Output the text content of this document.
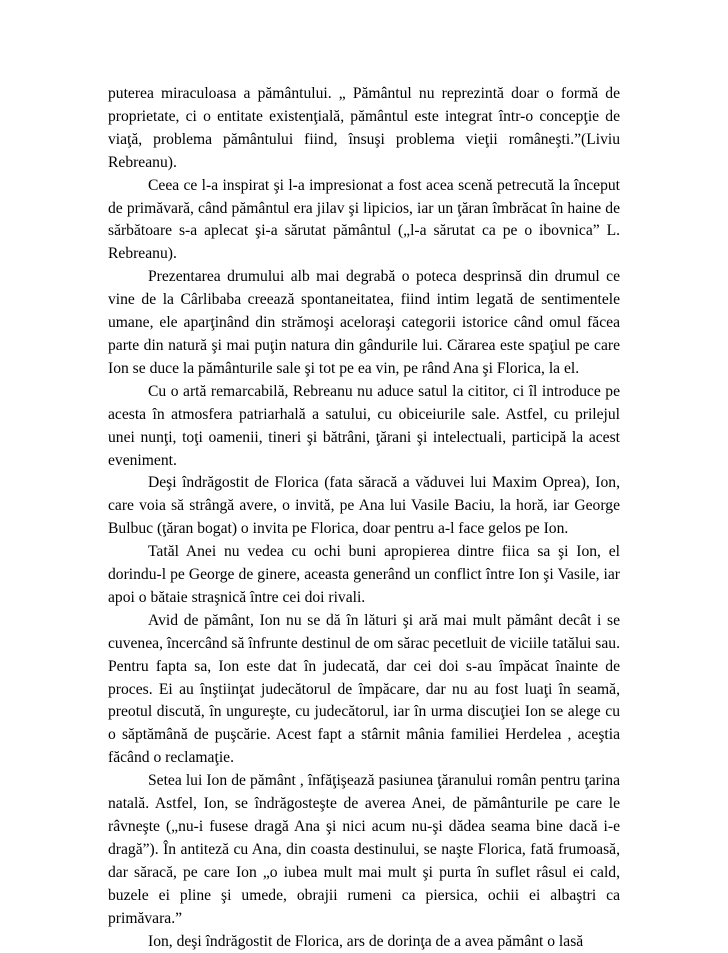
puterea miraculoasa a pământului. „ Pământul nu reprezintă doar o formă de proprietate, ci o entitate existenţială, pământul este integrat într-o concepţie de viaţă, problema pământului fiind, însuşi problema vieţii româneşti.”(Liviu Rebreanu).

Ceea ce l-a inspirat şi l-a impresionat a fost acea scenă petrecută la început de primăvară, când pământul era jilav şi lipicios, iar un ţăran îmbrăcat în haine de sărbătoare s-a aplecat şi-a sărutat pământul („l-a sărutat ca pe o ibovnica” L. Rebreanu).

Prezentarea drumului alb mai degrabă o poteca desprinsă din drumul ce vine de la Cârlibaba creează spontaneitatea, fiind intim legată de sentimentele umane, ele aparţinând din strămoşi aceloraşi categorii istorice când omul făcea parte din natură şi mai puţin natura din gândurile lui. Cărarea este spaţiul pe care Ion se duce la pământurile sale şi tot pe ea vin, pe rând Ana şi Florica, la el.

Cu o artă remarcabilă, Rebreanu nu aduce satul la cititor, ci îl introduce pe acesta în atmosfera patriarhală a satului, cu obiceiurile sale. Astfel, cu prilejul unei nunţi, toţi oamenii, tineri şi bătrâni, ţărani şi intelectuali, participă la acest eveniment.

Deşi îndrăgostit de Florica (fata săracă a văduvei lui Maxim Oprea), Ion, care voia să strângă avere, o invită, pe Ana lui Vasile Baciu, la horă, iar George Bulbuc (ţăran bogat) o invita pe Florica, doar pentru a-l face gelos pe Ion.

Tatăl Anei nu vedea cu ochi buni apropierea dintre fiica sa şi Ion, el dorindu-l pe George de ginere, aceasta generând un conflict între Ion şi Vasile, iar apoi o bătaie straşnică între cei doi rivali.

Avid de pământ, Ion nu se dă în lături şi ară mai mult pământ decât i se cuvenea, încercând să înfrunte destinul de om sărac pecetluit de viciile tatălui sau. Pentru fapta sa, Ion este dat în judecată, dar cei doi s-au împăcat înainte de proces. Ei au înştiinţat judecătorul de împăcare, dar nu au fost luaţi în seamă, preotul discută, în ungureşte, cu judecătorul, iar în urma discuţiei Ion se alege cu o săptămână de puşcărie. Acest fapt a stârnit mânia familiei Herdelea , aceştia făcând o reclamaţie.

Setea lui Ion de pământ , înfăţişează pasiunea ţăranului român pentru ţarina natală. Astfel, Ion, se îndrăgosteşte de averea Anei, de pământurile pe care le râvneşte („nu-i fusese dragă Ana şi nici acum nu-şi dădea seama bine dacă i-e dragă”). În antiteză cu Ana, din coasta destinului, se naşte Florica, fată frumoasă, dar săracă, pe care Ion „o iubea mult mai mult şi purta în suflet râsul ei cald, buzele ei pline şi umede, obrajii rumeni ca piersica, ochii ei albaştri ca primăvara.”

Ion, deşi îndrăgostit de Florica, ars de dorinţa de a avea pământ o lasă
